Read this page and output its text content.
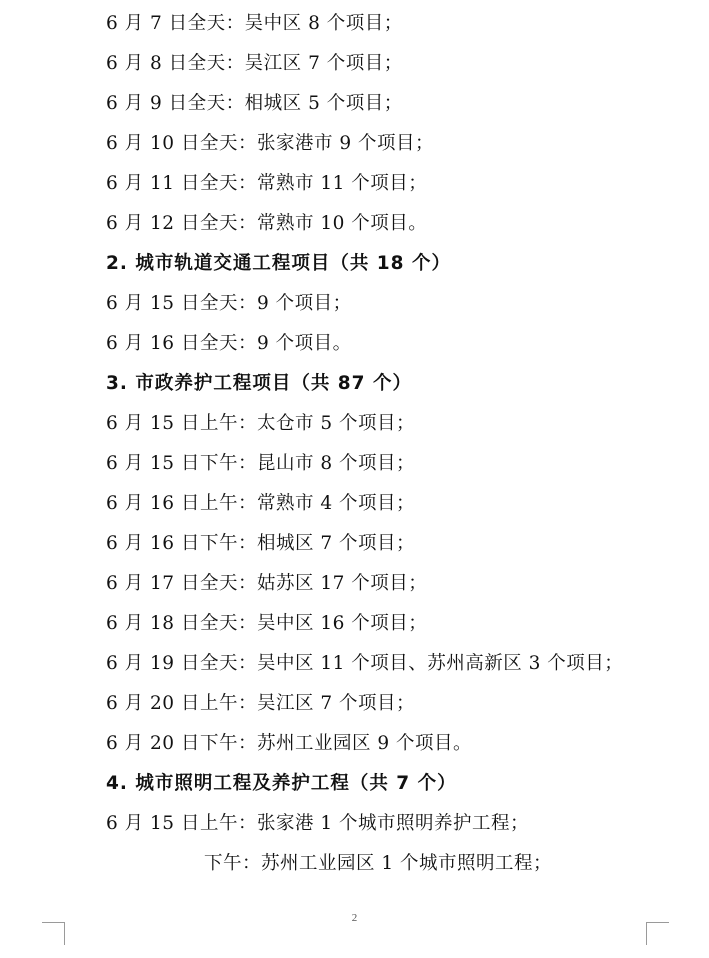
6 月 7 日全天：吴中区 8 个项目；
6 月 8 日全天：吴江区 7 个项目；
6 月 9 日全天：相城区 5 个项目；
6 月 10 日全天：张家港市 9 个项目；
6 月 11 日全天：常熟市 11 个项目；
6 月 12 日全天：常熟市 10 个项目。
2. 城市轨道交通工程项目（共 18 个）
6 月 15 日全天：9 个项目；
6 月 16 日全天：9 个项目。
3. 市政养护工程项目（共 87 个）
6 月 15 日上午：太仓市 5 个项目；
6 月 15 日下午：昆山市 8 个项目；
6 月 16 日上午：常熟市 4 个项目；
6 月 16 日下午：相城区 7 个项目；
6 月 17 日全天：姑苏区 17 个项目；
6 月 18 日全天：吴中区 16 个项目；
6 月 19 日全天：吴中区 11 个项目、苏州高新区 3 个项目；
6 月 20 日上午：吴江区 7 个项目；
6 月 20 日下午：苏州工业园区 9 个项目。
4. 城市照明工程及养护工程（共 7 个）
6 月 15 日上午：张家港 1 个城市照明养护工程；
下午：苏州工业园区 1 个城市照明工程；
2
